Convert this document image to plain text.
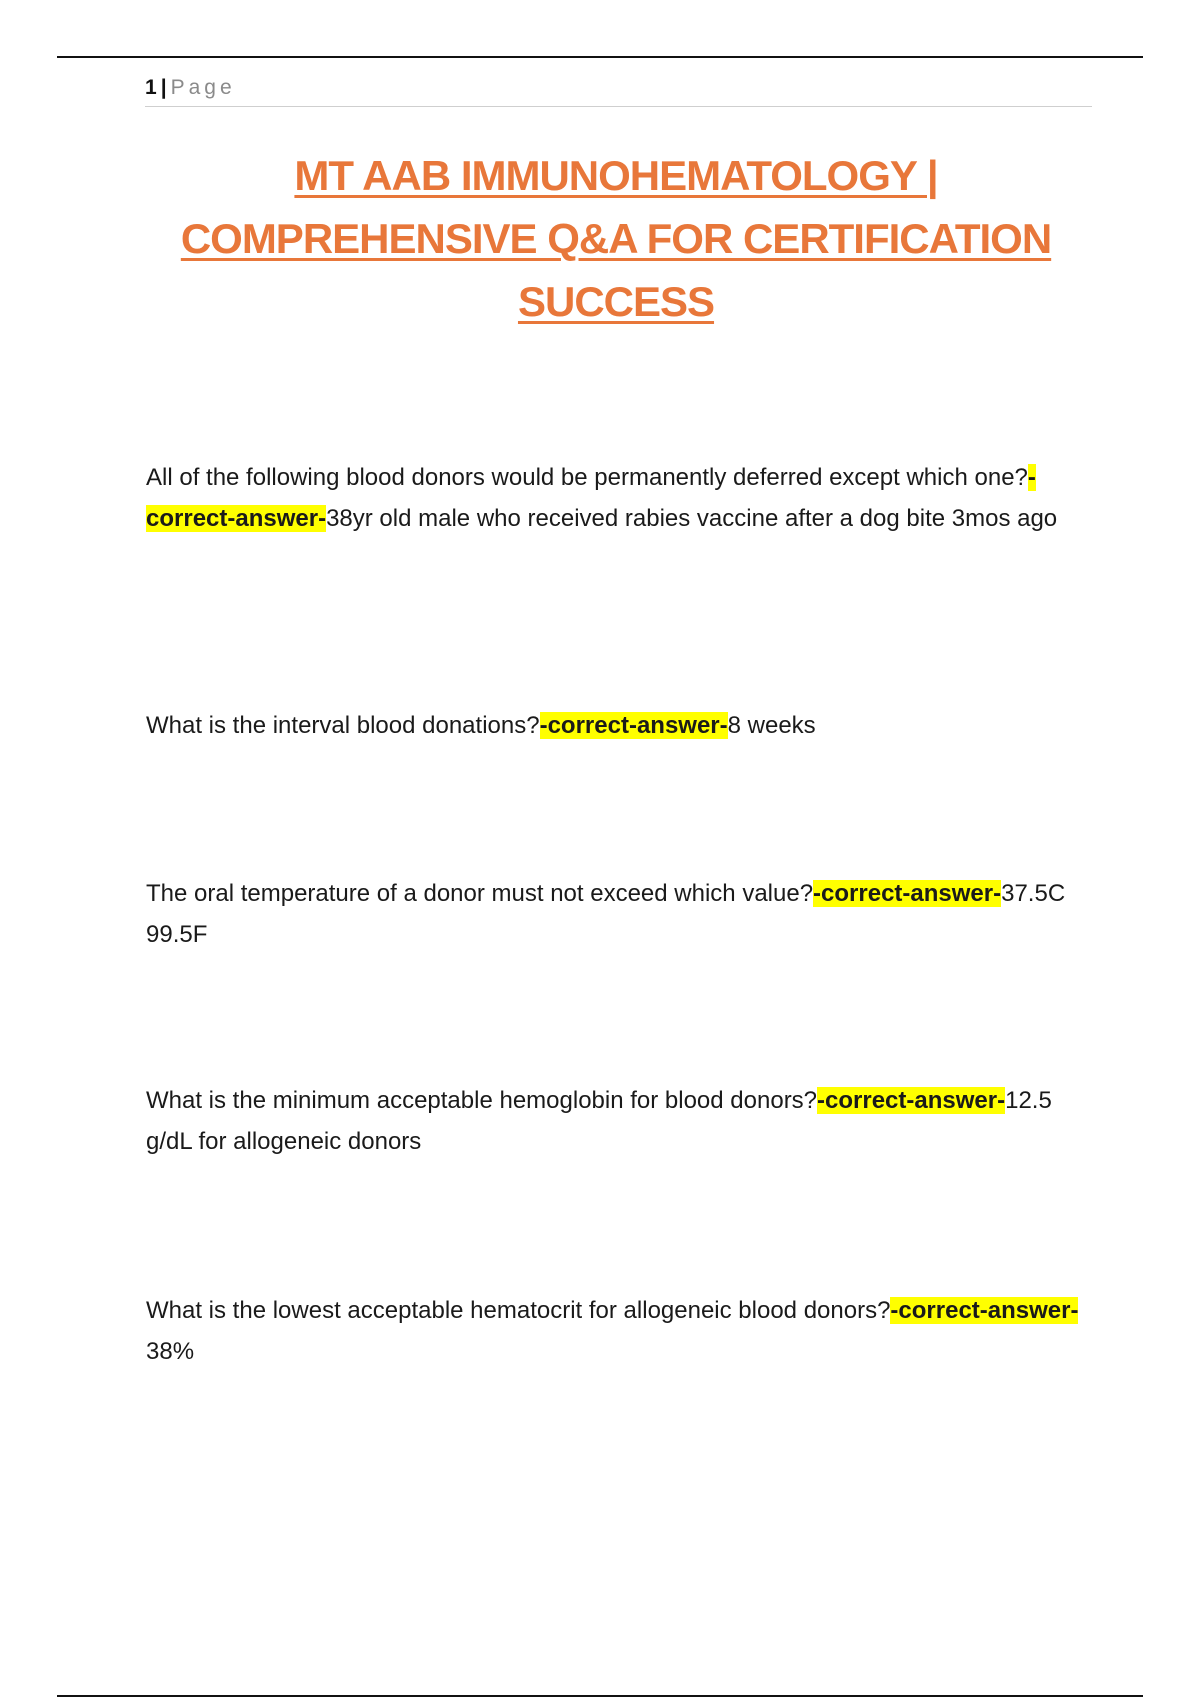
1 | Page
MT AAB IMMUNOHEMATOLOGY |
COMPREHENSIVE Q&A FOR CERTIFICATION
SUCCESS

All of the following blood donors would be permanently deferred except which one?-correct-answer-38yr old male who received rabies vaccine after a dog bite 3mos ago

What is the interval blood donations?-correct-answer-8 weeks

The oral temperature of a donor must not exceed which value?-correct-answer-37.5C 99.5F

What is the minimum acceptable hemoglobin for blood donors?-correct-answer-12.5 g/dL for allogeneic donors

What is the lowest acceptable hematocrit for allogeneic blood donors?-correct-answer-38%
